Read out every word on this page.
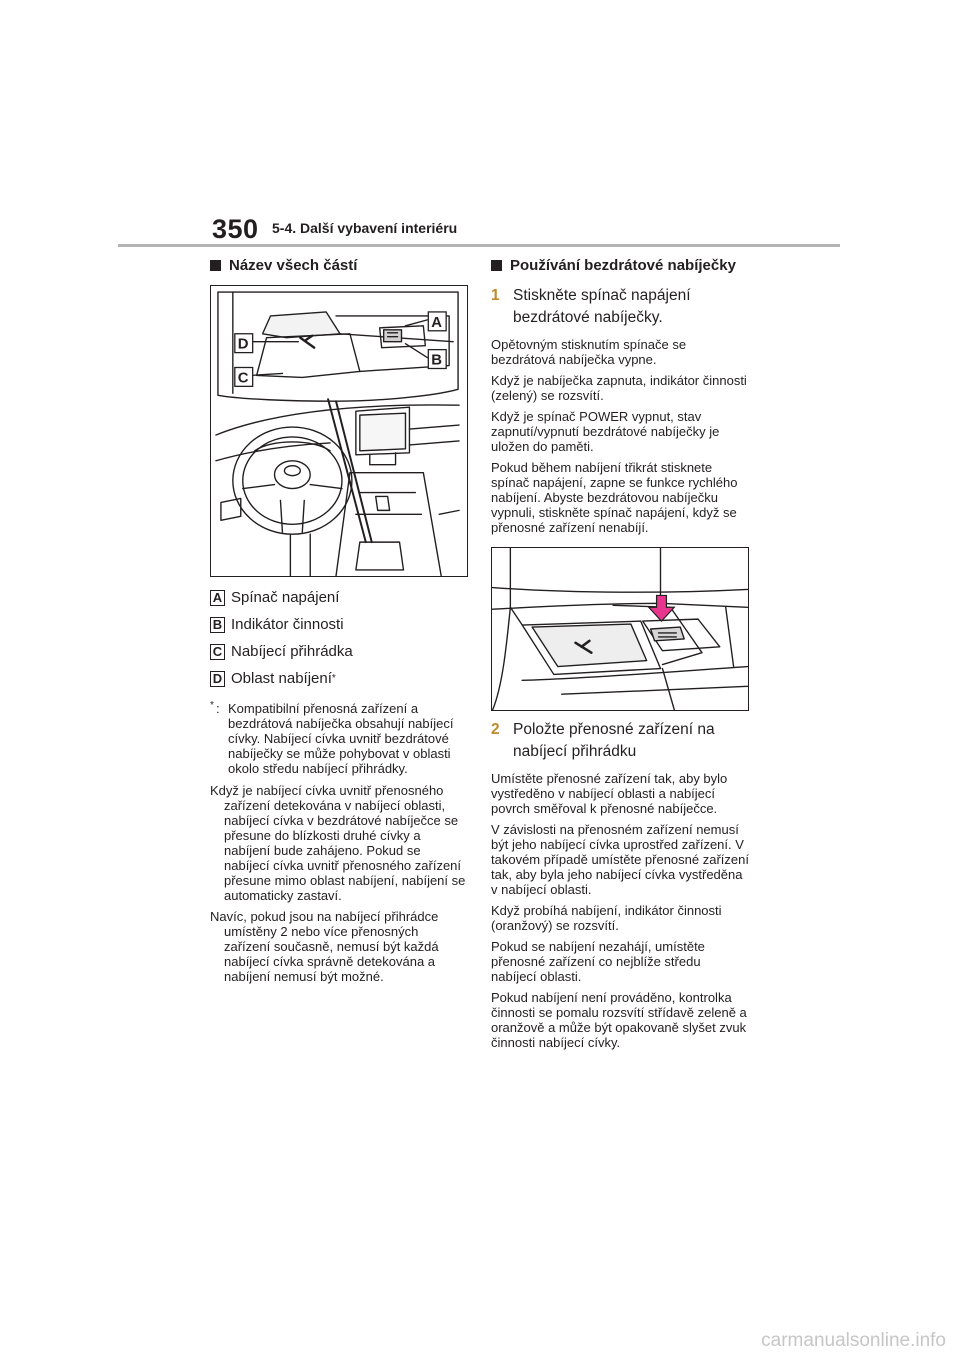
350 5-4. Další vybavení interiéru
Název všech částí
A
B
C
D
A Spínač napájení
B Indikátor činnosti
C Nabíjecí přihrádka
D Oblast nabíjení *
* : Kompatibilní přenosná zařízení a bezdrátová nabíječka obsahují nabíjecí cívky. Nabíjecí cívka uvnitř bezdrátové nabíječky se může pohybovat v oblasti okolo středu nabíjecí přihrádky.

Když je nabíjecí cívka uvnitř přenosného zařízení detekována v nabíjecí oblasti, nabíjecí cívka v bezdrátové nabíječce se přesune do blízkosti druhé cívky a nabíjení bude zahájeno. Pokud se nabíjecí cívka uvnitř přenosného zařízení přesune mimo oblast nabíjení, nabíjení se automaticky zastaví.

Navíc, pokud jsou na nabíjecí přihrádce umístěny 2 nebo více přenosných zařízení současně, nemusí být každá nabíjecí cívka správně detekována a nabíjení nemusí být možné.

Používání bezdrátové nabíječky
1 Stiskněte spínač napájení bezdrátové nabíječky.

Opětovným stisknutím spínače se bezdrátová nabíječka vypne.

Když je nabíječka zapnuta, indikátor činnosti (zelený) se rozsvítí.

Když je spínač POWER vypnut, stav zapnutí/vypnutí bezdrátové nabíječky je uložen do paměti.

Pokud během nabíjení třikrát stisknete spínač napájení, zapne se funkce rychlého nabíjení. Abyste bezdrátovou nabíječku vypnuli, stiskněte spínač napájení, když se přenosné zařízení nenabíjí.

2 Položte přenosné zařízení na nabíjecí přihrádku

Umístěte přenosné zařízení tak, aby bylo vystředěno v nabíjecí oblasti a nabíjecí povrch směřoval k přenosné nabíječce.

V závislosti na přenosném zařízení nemusí být jeho nabíjecí cívka uprostřed zařízení. V takovém případě umístěte přenosné zařízení tak, aby byla jeho nabíjecí cívka vystředěna v nabíjecí oblasti.

Když probíhá nabíjení, indikátor činnosti (oranžový) se rozsvítí.

Pokud se nabíjení nezahájí, umístěte přenosné zařízení co nejblíže středu nabíjecí oblasti.

Pokud nabíjení není prováděno, kontrolka činnosti se pomalu rozsvítí střídavě zeleně a oranžově a může být opakovaně slyšet zvuk činnosti nabíjecí cívky.

carmanualsonline.info
